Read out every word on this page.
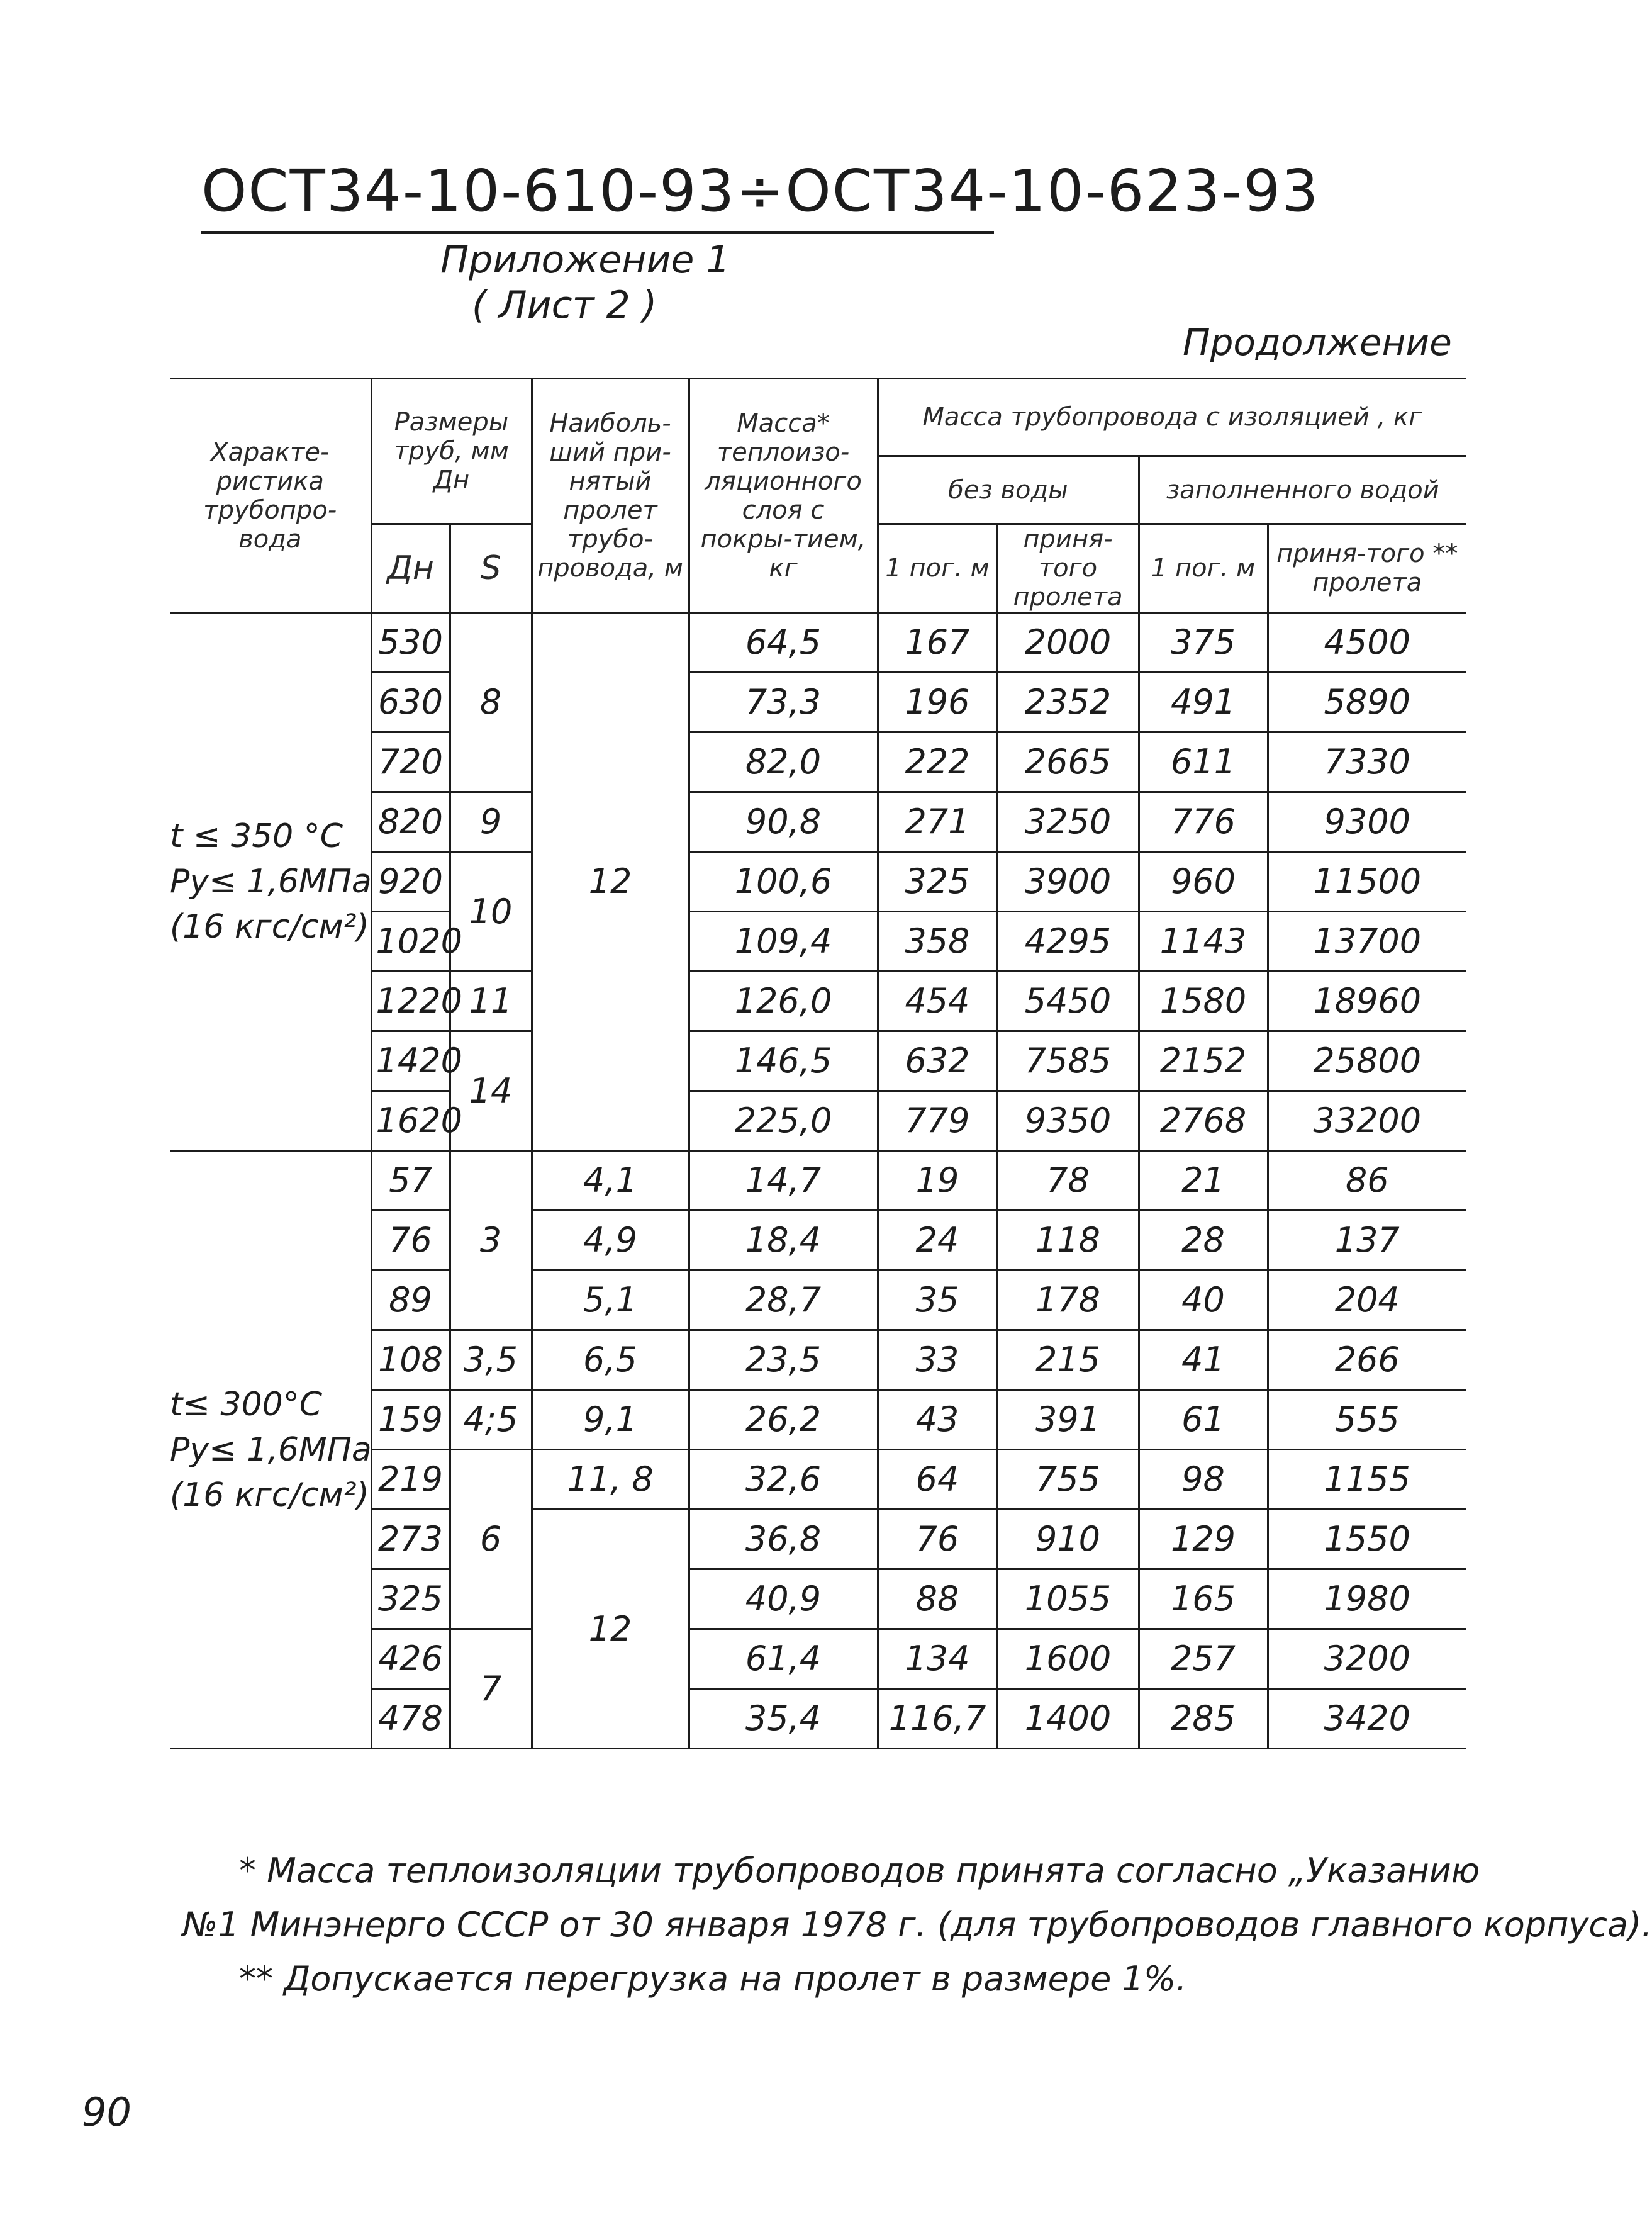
ОСТ34-10-610-93÷ОСТ34-10-623-93
Приложение 1
( Лист 2 )
Продолжение
Характе-ристика трубопро-вода	Размеры труб, мм Дн		Наиболь-ший при-нятый пролет трубо-провода, м	Масса* теплоизо-ляционного слоя с покры-тием, кг	Масса трубопровода с изоляцией , кг			
					без воды		заполненного водой	
	Дн	S			1 пог. м	приня-того пролета	1 пог. м	приня-того ** пролета

t ≤ 350 °C
Pу≤ 1,6МПа
(16 кгс/см²)	530	8	12	64,5	167	2000	375	4500
	630			73,3	196	2352	491	5890
	720			82,0	222	2665	611	7330
	820	9		90,8	271	3250	776	9300
	920	10		100,6	325	3900	960	11500
	1020			109,4	358	4295	1143	13700
	1220	11		126,0	454	5450	1580	18960
	1420	14		146,5	632	7585	2152	25800
	1620			225,0	779	9350	2768	33200

t≤ 300°C
Pу≤ 1,6МПа
(16 кгс/см²)	57	3	4,1	14,7	19	78	21	86
	76		4,9	18,4	24	118	28	137
	89		5,1	28,7	35	178	40	204
	108	3,5	6,5	23,5	33	215	41	266
	159	4;5	9,1	26,2	43	391	61	555
	219	6	11, 8	32,6	64	755	98	1155
	273		12	36,8	76	910	129	1550
	325			40,9	88	1055	165	1980
	426	7		61,4	134	1600	257	3200
	478			35,4	116,7	1400	285	3420
* Масса теплоизоляции трубопроводов принята согласно „Указанию
№1 Минэнерго СССР от 30 января 1978 г. (для трубопроводов главного корпуса).
** Допускается перегрузка на пролет в размере 1%.
90
